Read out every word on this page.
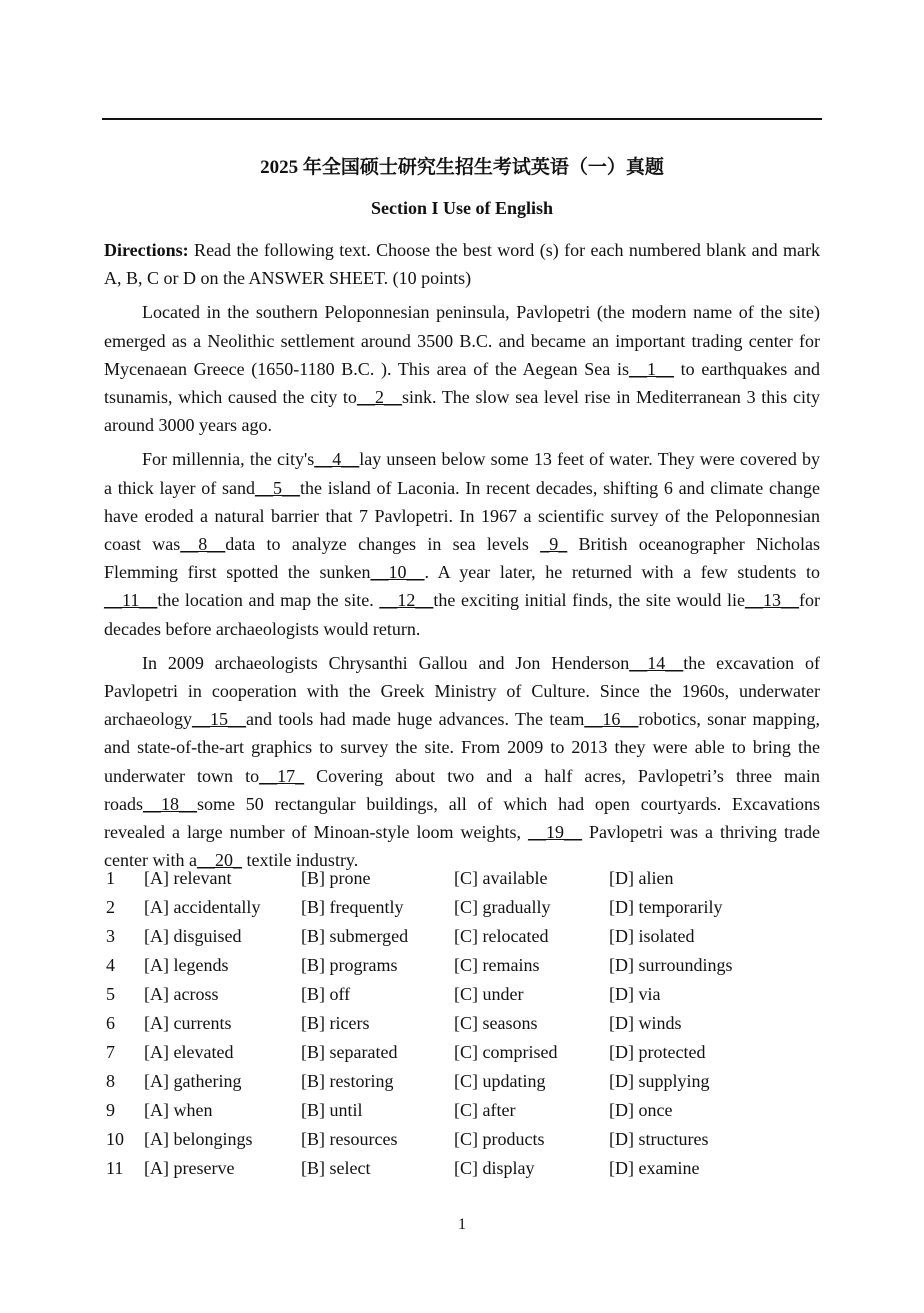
2025 年全国硕士研究生招生考试英语（一）真题
Section I Use of English

Directions: Read the following text. Choose the best word (s) for each numbered blank and mark A, B, C or D on the ANSWER SHEET. (10 points)

Located in the southern Peloponnesian peninsula, Pavlopetri (the modern name of the site) emerged as a Neolithic settlement around 3500 B.C. and became an important trading center for Mycenaean Greece (1650-1180 B.C. ). This area of the Aegean Sea is__1__ to earthquakes and tsunamis, which caused the city to__2__sink. The slow sea level rise in Mediterranean 3 this city around 3000 years ago.

For millennia, the city's__4__lay unseen below some 13 feet of water. They were covered by a thick layer of sand__5__the island of Laconia. In recent decades, shifting 6 and climate change have eroded a natural barrier that 7 Pavlopetri. In 1967 a scientific survey of the Peloponnesian coast was__8__data to analyze changes in sea levels _9_ British oceanographer Nicholas Flemming first spotted the sunken__10__. A year later, he returned with a few students to __11__the location and map the site. __12__the exciting initial finds, the site would lie__13__for decades before archaeologists would return.

In 2009 archaeologists Chrysanthi Gallou and Jon Henderson__14__the excavation of Pavlopetri in cooperation with the Greek Ministry of Culture. Since the 1960s, underwater archaeology__15__and tools had made huge advances. The team__16__robotics, sonar mapping, and state-of-the-art graphics to survey the site. From 2009 to 2013 they were able to bring the underwater town to__17_ Covering about two and a half acres, Pavlopetri’s three main roads__18__some 50 rectangular buildings, all of which had open courtyards. Excavations revealed a large number of Minoan-style loom weights, __19__ Pavlopetri was a thriving trade center with a__20_ textile industry.

1 [A] relevant	[B] prone	[C] available	[D] alien
2 [A] accidentally [B] frequently	[C] gradually	[D] temporarily
3 [A] disguised	[B] submerged	[C] relocated	[D] isolated
4 [A] legends	[B] programs	[C] remains	[D] surroundings
5 [A] across	[B] off	[C] under	[D] via
6 [A] currents	[B] ricers	[C] seasons	[D] winds
7 [A] elevated	[B] separated	[C] comprised	[D] protected
8 [A] gathering	[B] restoring	[C] updating	[D] supplying
9 [A] when	[B] until	[C] after	[D] once
10 [A] belongings	[B] resources	[C] products	[D] structures
11 [A] preserve	[B] select	[C] display	[D] examine
1
